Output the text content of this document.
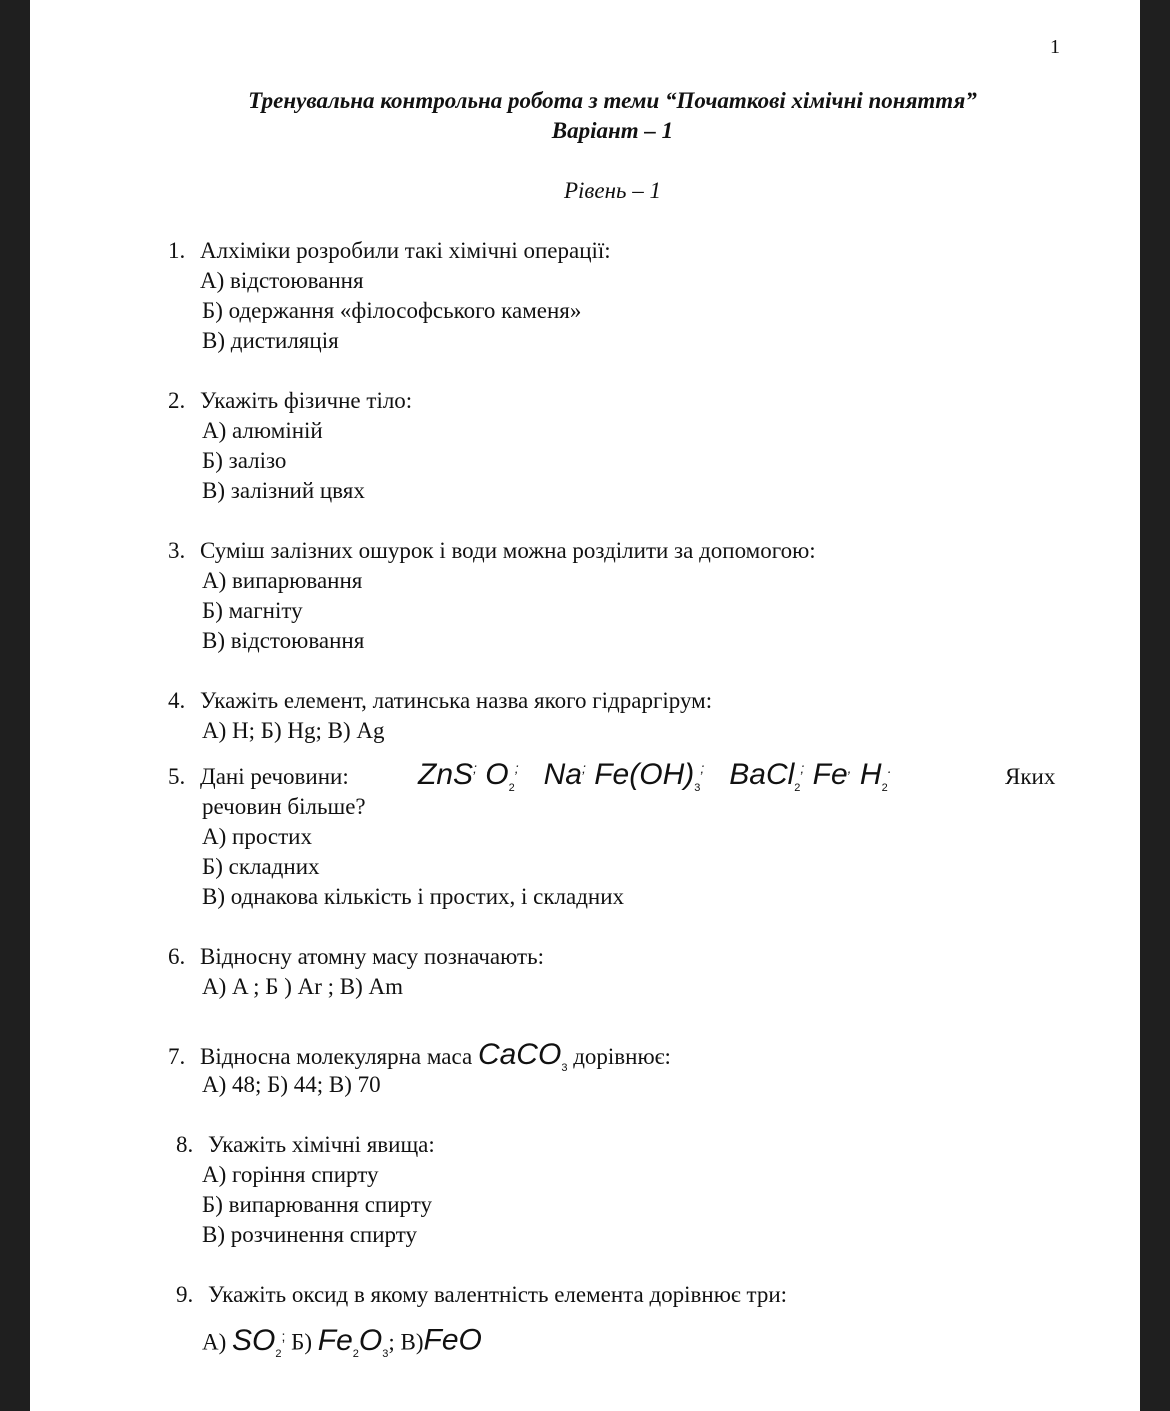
1
Тренувальна контрольна робота з теми “Початкові хімічні поняття”
Варіант – 1
Рівень – 1
1. Алхіміки розробили такі хімічні операції:
А) відстоювання
Б) одержання «філософського каменя»
В) дистиляція
2. Укажіть фізичне тіло:
А) алюміній
Б) залізо
В) залізний цвях
3. Суміш залізних ошурок і води можна розділити за допомогою:
А) випарювання
Б) магніту
В) відстоювання
4. Укажіть елемент, латинська назва якого гідраргірум:
А) H; Б) Hg; В) Ag
5. Дані речовини: ZnS; $O_2^;$ Na; $Fe(OH)_3^;$ BaCl$_2$; Fe, $H_2^.$	Яких
речовин більше?
А) простих
Б) складних
В) однакова кількість і простих, і складних
6. Відносну атомну масу позначають:
А) A ; Б ) Ar ; В) Am
7. Відносна молекулярна маса CaCO$_3$ дорівнює:
А) 48; Б) 44; В) 70
8. Укажіть хімічні явища:
А) горіння спирту
Б) випарювання спирту
В) розчинення спирту
9. Укажіть оксид в якому валентність елемента дорівнює три:
А) $SO_2^;$ Б) $Fe_2O_3$; В)FeO
